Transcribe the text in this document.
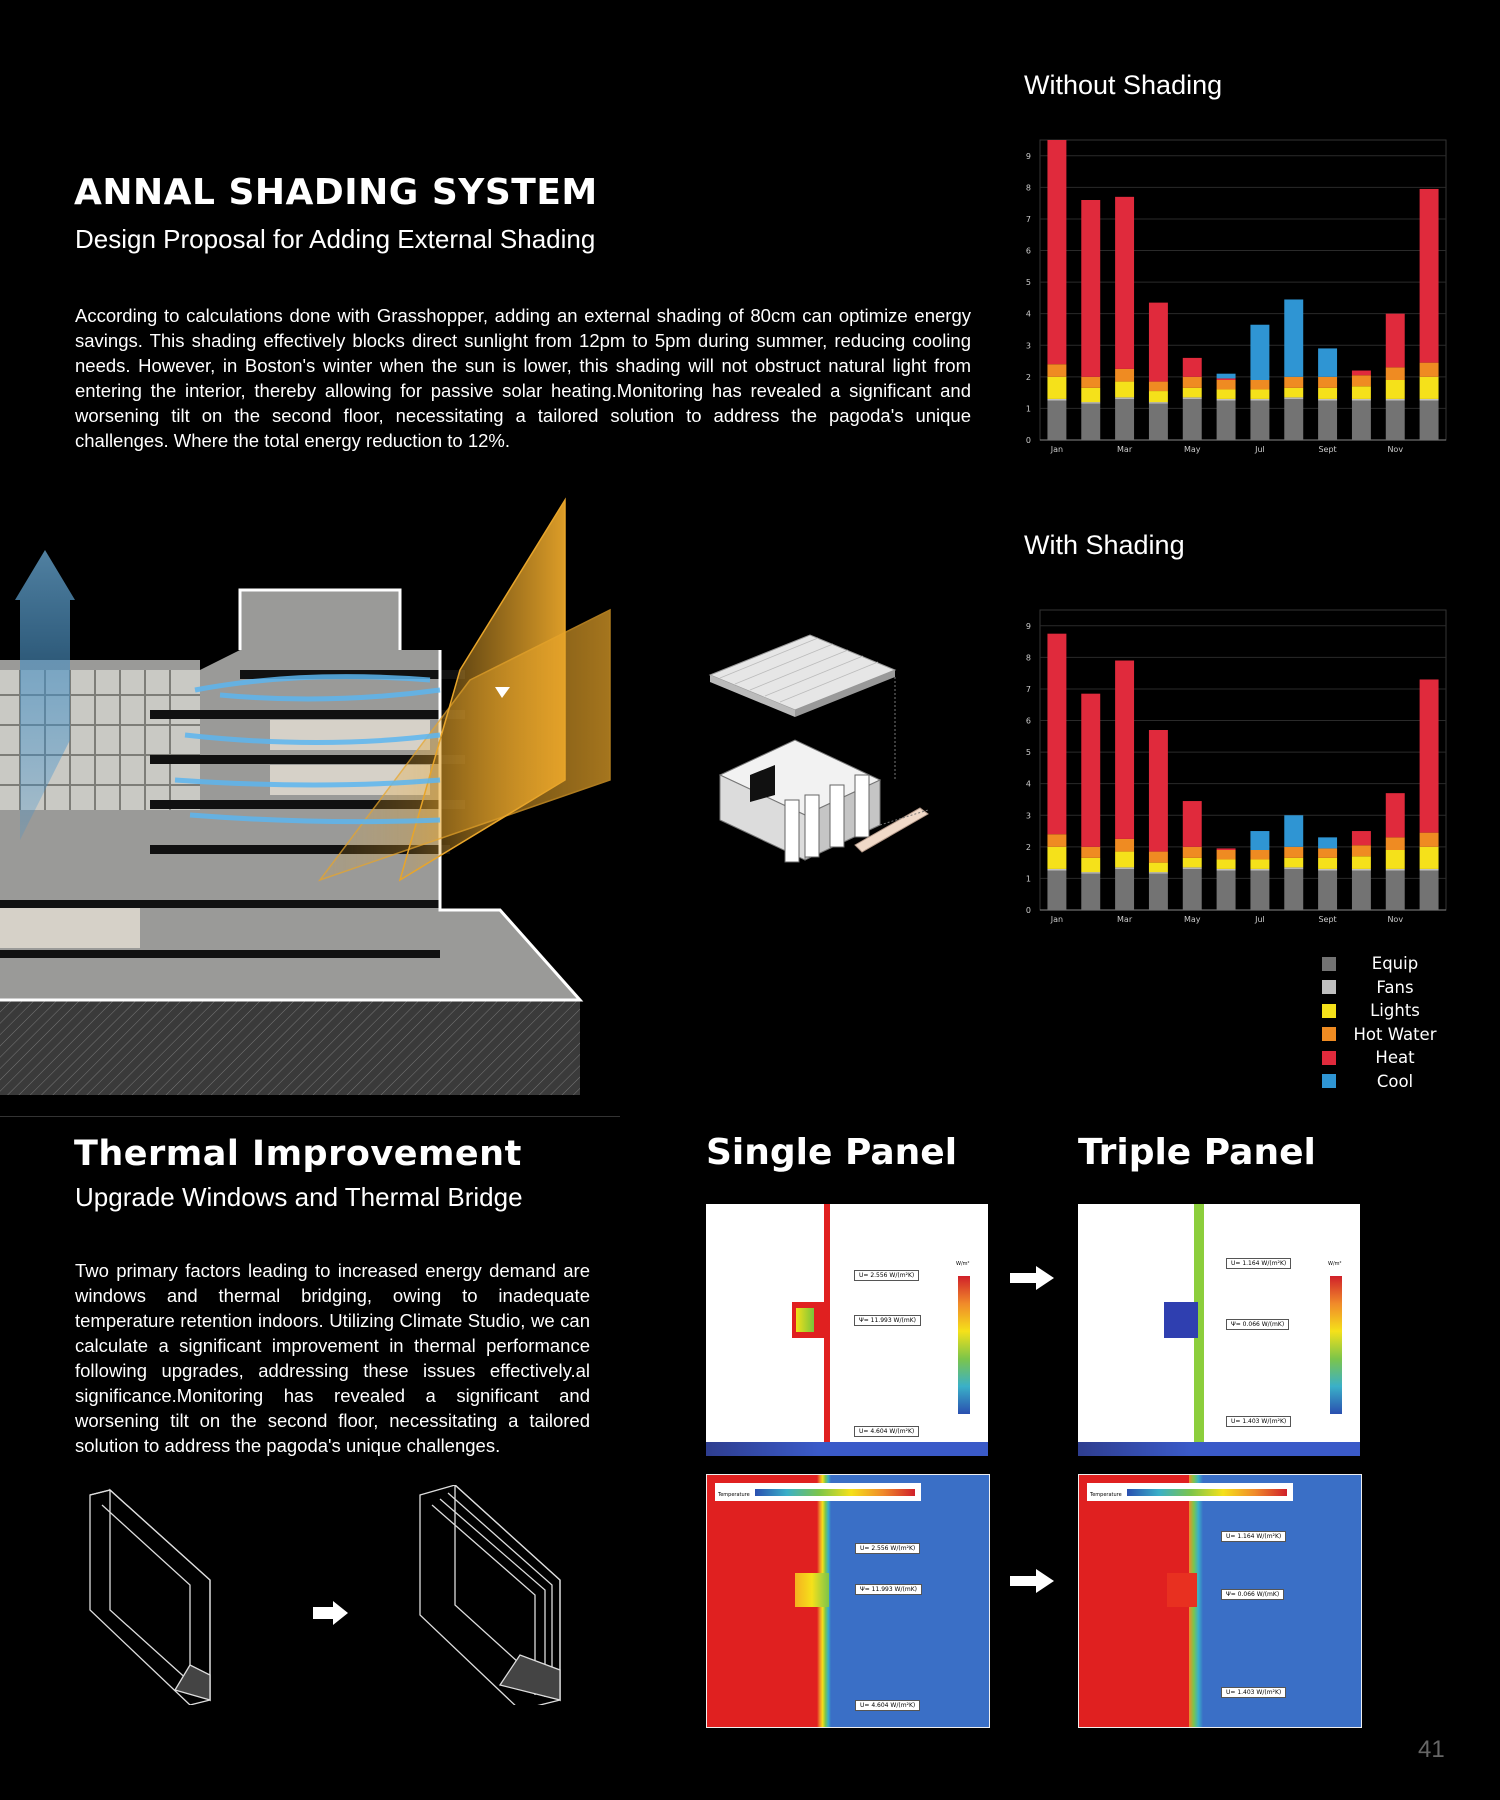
ANNAL SHADING SYSTEM
Design Proposal for Adding External Shading
According to calculations done with Grasshopper, adding an external shading of 80cm can optimize energy savings. This shading effectively blocks direct sunlight from 12pm to 5pm during summer, reducing cooling needs. However, in Boston's winter when the sun is lower, this shading will not obstruct natural light from entering the interior, thereby allowing for passive solar heating.Monitoring has revealed a significant and worsening tilt on the second floor, necessitating a tailored solution to address the pagoda's unique challenges. Where the total energy reduction to 12%.
Without Shading
0
1
2
3
4
5
6
7
8
9
Jan	Mar	May	Jul	Sept	Nov
With Shading
0
1
2
3
4
5
6
7
8
9
Jan	Mar	May	Jul	Sept	Nov
Equip
Fans
Lights
Hot Water
Heat
Cool
Thermal Improvement
Upgrade Windows and Thermal Bridge
Two primary factors leading to increased energy demand are windows and thermal bridging, owing to inadequate temperature retention indoors. Utilizing Climate Studio, we can calculate a significant improvement in thermal performance following upgrades, addressing these issues effectively.al significance.Monitoring has revealed a significant and worsening tilt on the second floor, necessitating a tailored solution to address the pagoda's unique challenges.
Single Panel	Triple Panel
U= 2.556 W/(m²K)
Ψ= 11.993 W/(mK)
U= 4.604 W/(m²K)
W/m²	U= 1.164 W/(m²K)
Ψ= 0.066 W/(mK)
U= 1.403 W/(m²K)
W/m²
Temperature
U= 2.556 W/(m²K)
Ψ= 11.993 W/(mK)
U= 4.604 W/(m²K)
Temperature
U= 1.164 W/(m²K)
Ψ= 0.066 W/(mK)
U= 1.403 W/(m²K)
41
